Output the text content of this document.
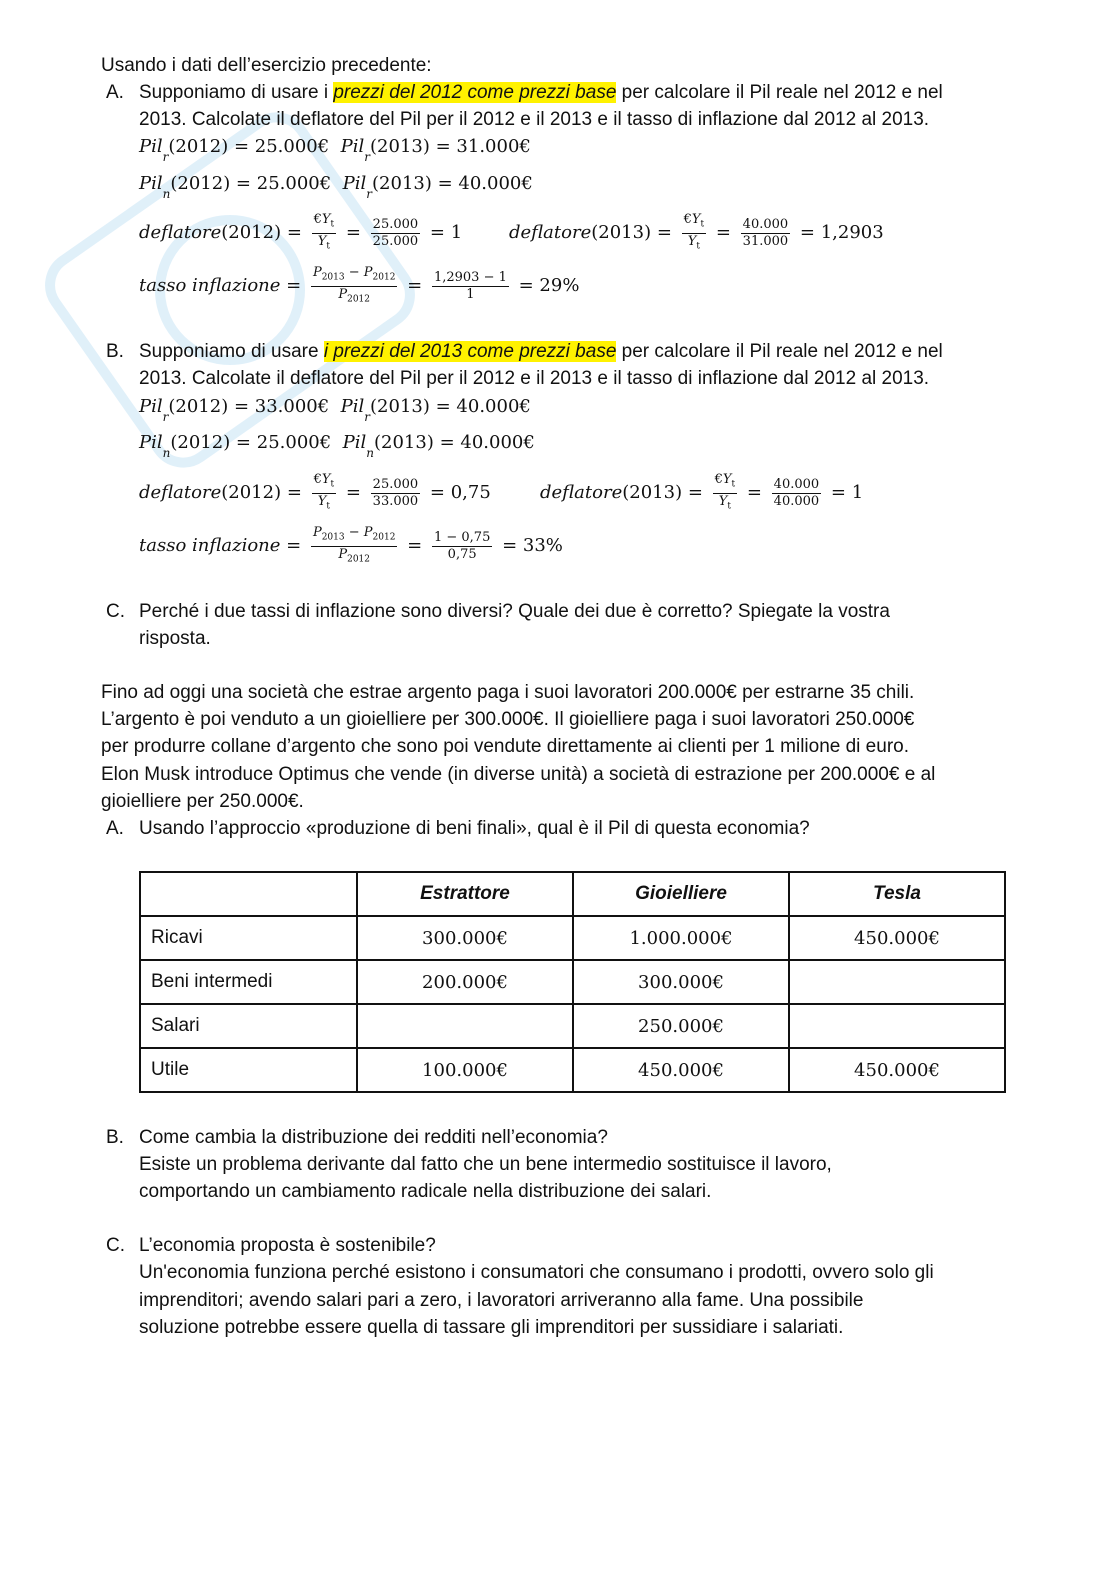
Usando i dati dell’esercizio precedente:
A. Supponiamo di usare i prezzi del 2012 come prezzi base per calcolare il Pil reale nel 2012 e nel
2013. Calcolate il deflatore del Pil per il 2012 e il 2013 e il tasso di inflazione dal 2012 al 2013.
Pil$_r$(2012) = 25.000€ Pil$_r$(2013) = 31.000€
Pil$_n$(2012) = 25.000€ Pil$_r$(2013) = 40.000€
deflatore(2012) = $\frac{€Y_t}{Y_t} = \frac{25.000}{25.000} = 1$	deflatore(2013) = $\frac{€Y_t}{Y_t} = \frac{40.000}{31.000} = 1,2903$
tasso inflazione = $\frac{P_{2013} - P_{2012}}{P_{2012}} = \frac{1,2903 - 1}{1} = 29\%$
B. Supponiamo di usare i prezzi del 2013 come prezzi base per calcolare il Pil reale nel 2012 e nel
2013. Calcolate il deflatore del Pil per il 2012 e il 2013 e il tasso di inflazione dal 2012 al 2013.
Pil$_r$(2012) = 33.000€ Pil$_r$(2013) = 40.000€
Pil$_n$(2012) = 25.000€ Pil$_n$(2013) = 40.000€
deflatore(2012) = $\frac{€Y_t}{Y_t} = \frac{25.000}{33.000} = 0,75$	deflatore(2013) = $\frac{€Y_t}{Y_t} = \frac{40.000}{40.000} = 1$
tasso inflazione = $\frac{P_{2013} - P_{2012}}{P_{2012}} = \frac{1 - 0,75}{0,75} = 33\%$
C. Perché i due tassi di inflazione sono diversi? Quale dei due è corretto? Spiegate la vostra
risposta.
Fino ad oggi una società che estrae argento paga i suoi lavoratori 200.000€ per estrarne 35 chili.
L’argento è poi venduto a un gioielliere per 300.000€. Il gioielliere paga i suoi lavoratori 250.000€
per produrre collane d’argento che sono poi vendute direttamente ai clienti per 1 milione di euro.
Elon Musk introduce Optimus che vende (in diverse unità) a società di estrazione per 200.000€ e al
gioielliere per 250.000€.
A. Usando l’approccio «produzione di beni finali», qual è il Pil di questa economia?
	Estrattore	Gioielliere	Tesla
Ricavi	300.000€	1.000.000€	450.000€
Beni intermedi	200.000€	300.000€	
Salari		250.000€	
Utile	100.000€	450.000€	450.000€
B. Come cambia la distribuzione dei redditi nell’economia?
Esiste un problema derivante dal fatto che un bene intermedio sostituisce il lavoro,
comportando un cambiamento radicale nella distribuzione dei salari.
C. L’economia proposta è sostenibile?
Un'economia funziona perché esistono i consumatori che consumano i prodotti, ovvero solo gli
imprenditori; avendo salari pari a zero, i lavoratori arriveranno alla fame. Una possibile
soluzione potrebbe essere quella di tassare gli imprenditori per sussidiare i salariati.
